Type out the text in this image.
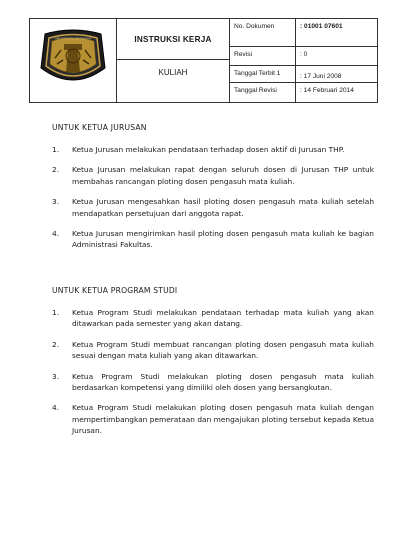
UNIVERSITAS BRAWIJAYA	INSTRUKSI KERJA
KULIAH	No. Dokumen	: 01001 07601
		Revisi	: 0
		Tanggal Terbit 1	: 17 Juni 2008
		Tanggal Revisi	: 14 Februari 2014
UNTUK KETUA JURUSAN
1.	Ketua Jurusan melakukan pendataan terhadap dosen aktif di Jurusan THP.
2.	Ketua Jurusan melakukan rapat dengan seluruh dosen di Jurusan THP untuk membahas rancangan ploting dosen pengasuh mata kuliah.
3.	Ketua Jurusan mengesahkan hasil ploting dosen pengasuh mata kuliah setelah mendapatkan persetujuan dari anggota rapat.
4.	Ketua Jurusan mengirimkan hasil ploting dosen pengasuh mata kuliah ke bagian Administrasi Fakultas.
UNTUK KETUA PROGRAM STUDI
1.	Ketua Program Studi melakukan pendataan terhadap mata kuliah yang akan ditawarkan pada semester yang akan datang.
2.	Ketua Program Studi membuat rancangan ploting dosen pengasuh mata kuliah sesuai dengan mata kuliah yang akan ditawarkan.
3.	Ketua Program Studi melakukan ploting dosen pengasuh mata kuliah berdasarkan kompetensi yang dimiliki oleh dosen yang bersangkutan.
4.	Ketua Program Studi melakukan ploting dosen pengasuh mata kuliah dengan mempertimbangkan pemerataan dan mengajukan ploting tersebut kepada Ketua Jurusan.
